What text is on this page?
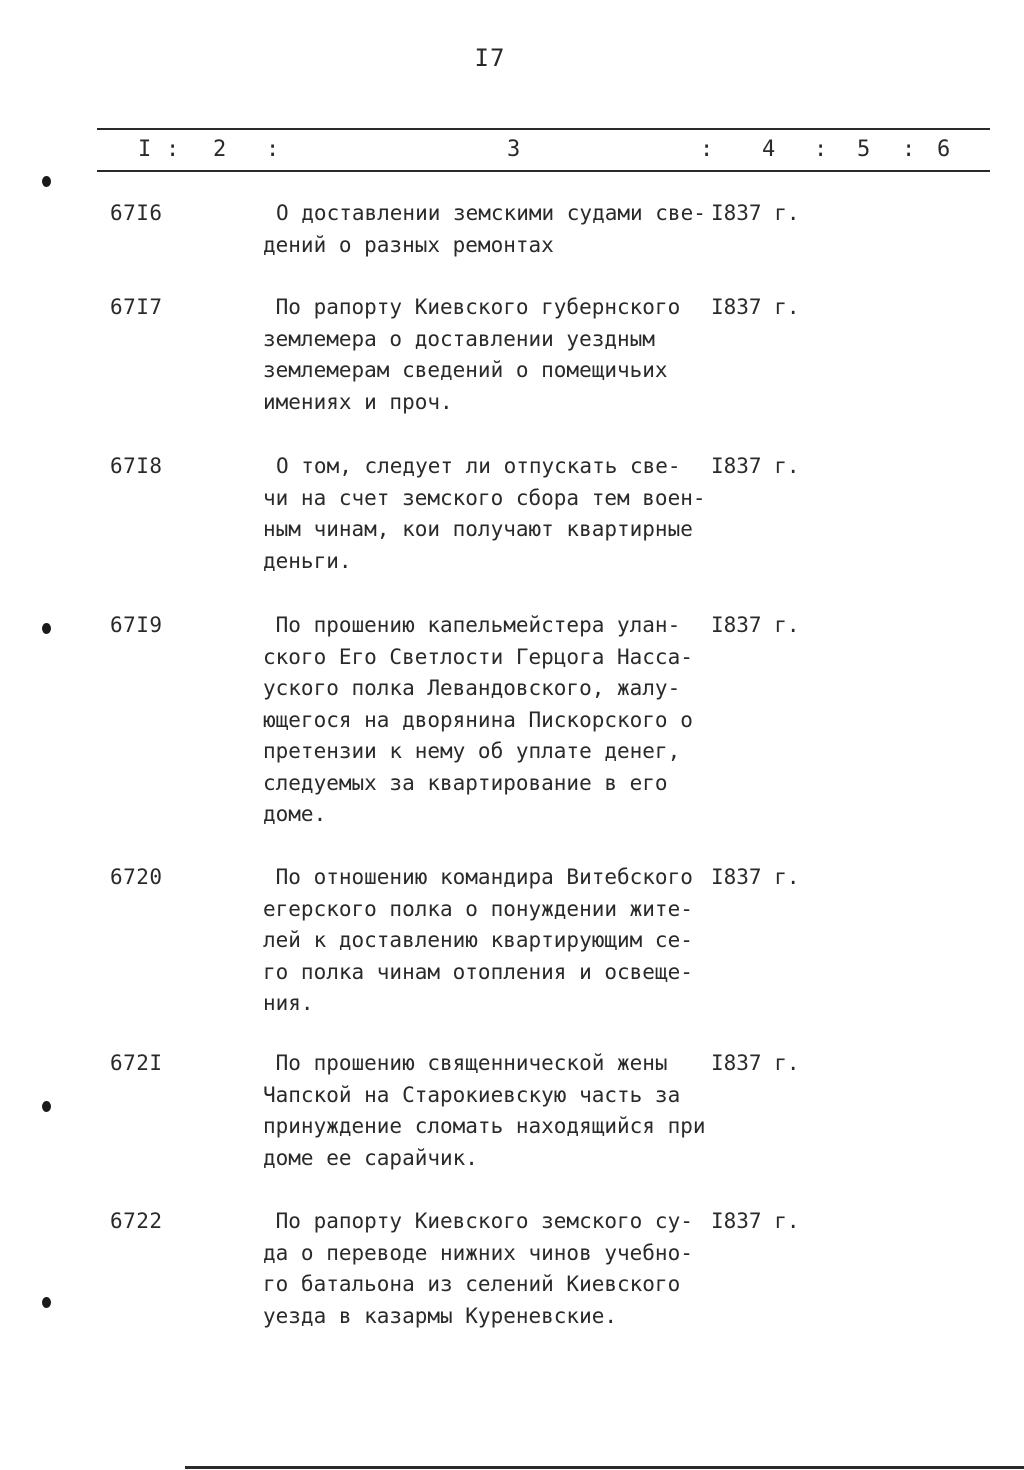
I7
I : 2 :	3	: 4 : 5 : 6
67I6	О доставлении земскими судами све-
дений о разных ремонтах
I837 г.
67I7	По рапорту Киевского губернского
землемера о доставлении уездным
землемерам сведений о помещичьих
имениях и проч.
I837 г.
67I8	О том, следует ли отпускать све-
чи на счет земского сбора тем воен-
ным чинам, кои получают квартирные
деньги.
I837 г.
67I9	По прошению капельмейстера улан-
ского Его Светлости Герцога Насса-
уского полка Левандовского, жалу-
ющегося на дворянина Пискорского о
претензии к нему об уплате денег,
следуемых за квартирование в его
доме.
I837 г.
6720	По отношению командира Витебского
егерского полка о понуждении жите-
лей к доставлению квартирующим се-
го полка чинам отопления и освеще-
ния.
I837 г.
672I	По прошению священнической жены
Чапской на Старокиевскую часть за
принуждение сломать находящийся при
доме ее сарайчик.
I837 г.
6722	По рапорту Киевского земского су-
да о переводе нижних чинов учебно-
го батальона из селений Киевского
уезда в казармы Куреневские.
I837 г.
